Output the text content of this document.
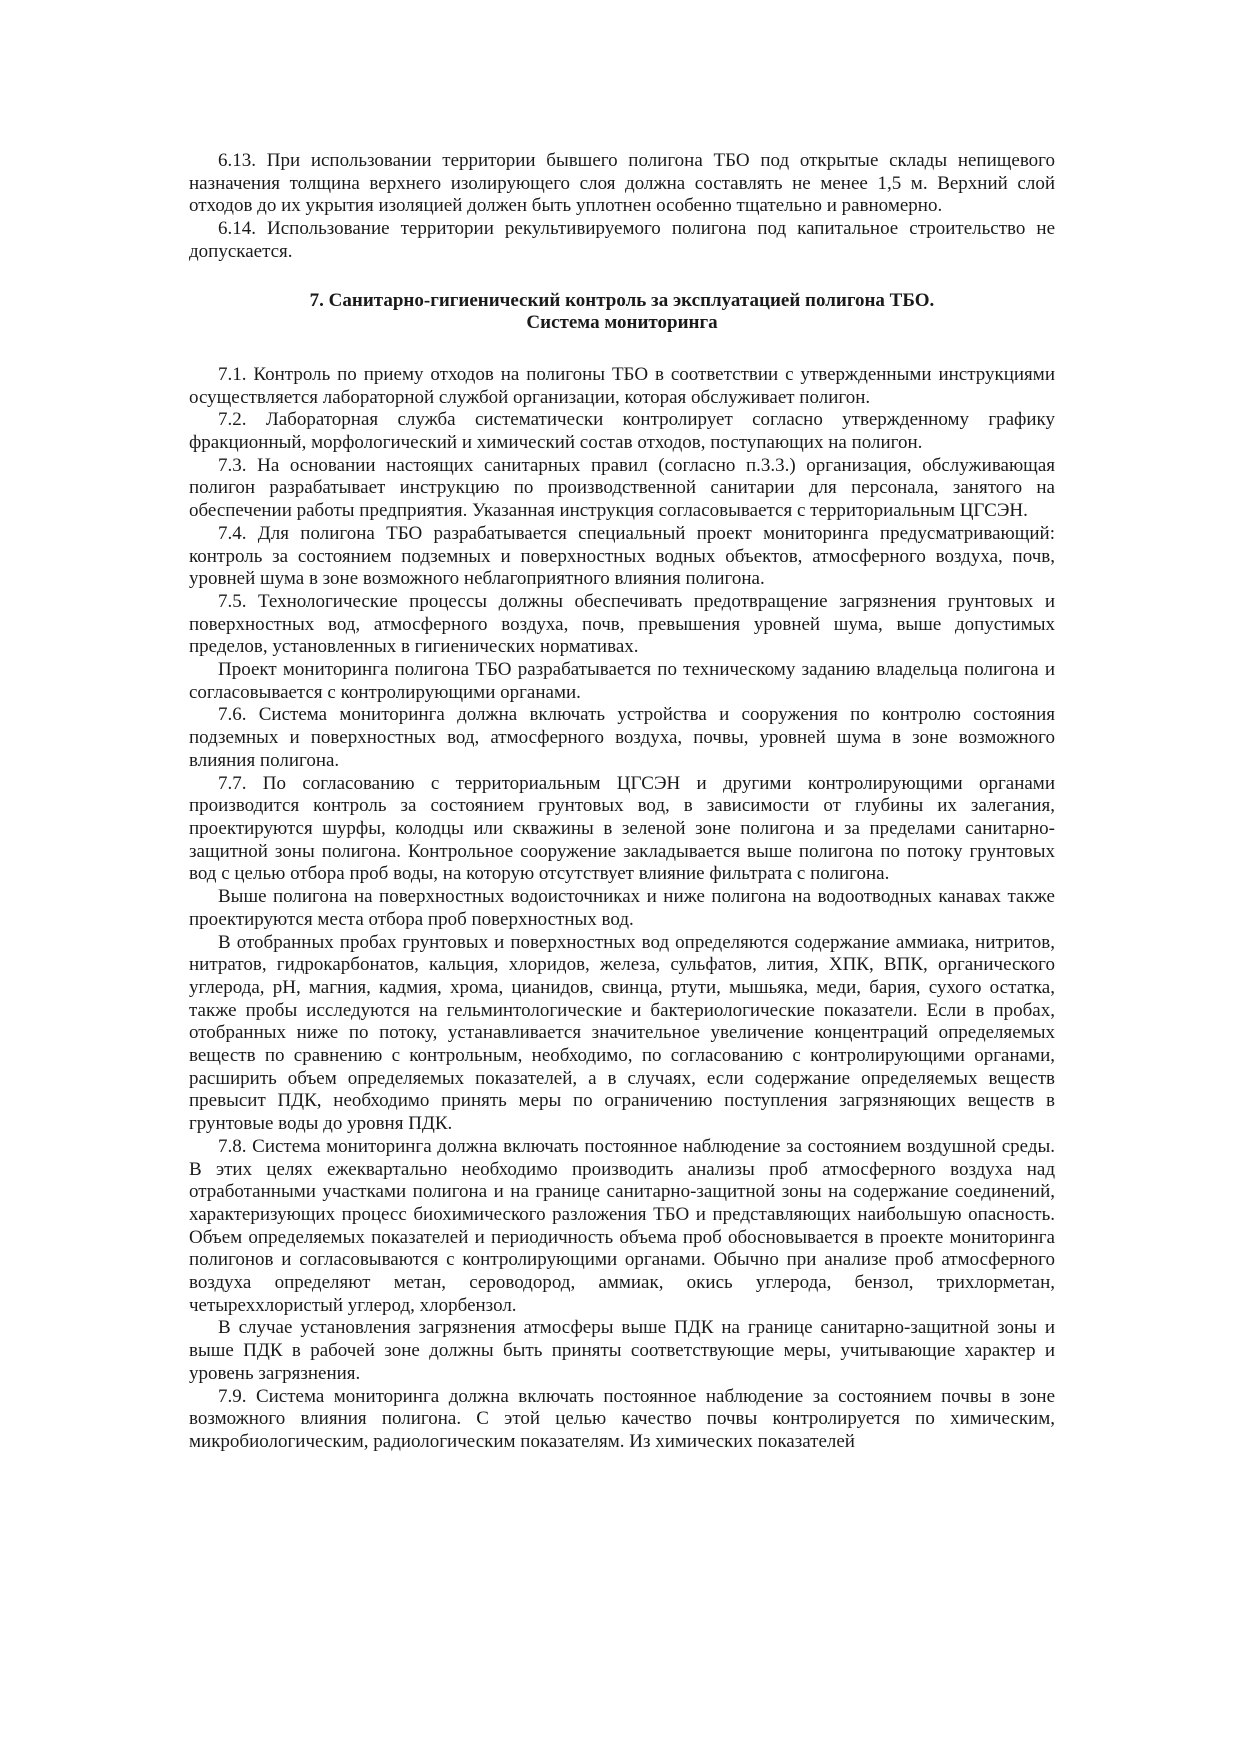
6.13. При использовании территории бывшего полигона ТБО под открытые склады непищевого назначения толщина верхнего изолирующего слоя должна составлять не менее 1,5 м. Верхний слой отходов до их укрытия изоляцией должен быть уплотнен особенно тщательно и равномерно.

6.14. Использование территории рекультивируемого полигона под капитальное строительство не допускается.

7. Санитарно-гигиенический контроль за эксплуатацией полигона ТБО.
Система мониторинга

7.1. Контроль по приему отходов на полигоны ТБО в соответствии с утвержденными инструкциями осуществляется лабораторной службой организации, которая обслуживает полигон.

7.2. Лабораторная служба систематически контролирует согласно утвержденному графику фракционный, морфологический и химический состав отходов, поступающих на полигон.

7.3. На основании настоящих санитарных правил (согласно п.3.3.) организация, обслуживающая полигон разрабатывает инструкцию по производственной санитарии для персонала, занятого на обеспечении работы предприятия. Указанная инструкция согласовывается с территориальным ЦГСЭН.

7.4. Для полигона ТБО разрабатывается специальный проект мониторинга предусматривающий: контроль за состоянием подземных и поверхностных водных объектов, атмосферного воздуха, почв, уровней шума в зоне возможного неблагоприятного влияния полигона.

7.5. Технологические процессы должны обеспечивать предотвращение загрязнения грунтовых и поверхностных вод, атмосферного воздуха, почв, превышения уровней шума, выше допустимых пределов, установленных в гигиенических нормативах.

Проект мониторинга полигона ТБО разрабатывается по техническому заданию владельца полигона и согласовывается с контролирующими органами.

7.6. Система мониторинга должна включать устройства и сооружения по контролю состояния подземных и поверхностных вод, атмосферного воздуха, почвы, уровней шума в зоне возможного влияния полигона.

7.7. По согласованию с территориальным ЦГСЭН и другими контролирующими органами производится контроль за состоянием грунтовых вод, в зависимости от глубины их залегания, проектируются шурфы, колодцы или скважины в зеленой зоне полигона и за пределами санитарно-защитной зоны полигона. Контрольное сооружение закладывается выше полигона по потоку грунтовых вод с целью отбора проб воды, на которую отсутствует влияние фильтрата с полигона.

Выше полигона на поверхностных водоисточниках и ниже полигона на водоотводных канавах также проектируются места отбора проб поверхностных вод.

В отобранных пробах грунтовых и поверхностных вод определяются содержание аммиака, нитритов, нитратов, гидрокарбонатов, кальция, хлоридов, железа, сульфатов, лития, ХПК, ВПК, органического углерода, pH, магния, кадмия, хрома, цианидов, свинца, ртути, мышьяка, меди, бария, сухого остатка, также пробы исследуются на гельминтологические и бактериологические показатели. Если в пробах, отобранных ниже по потоку, устанавливается значительное увеличение концентраций определяемых веществ по сравнению с контрольным, необходимо, по согласованию с контролирующими органами, расширить объем определяемых показателей, а в случаях, если содержание определяемых веществ превысит ПДК, необходимо принять меры по ограничению поступления загрязняющих веществ в грунтовые воды до уровня ПДК.

7.8. Система мониторинга должна включать постоянное наблюдение за состоянием воздушной среды. В этих целях ежеквартально необходимо производить анализы проб атмосферного воздуха над отработанными участками полигона и на границе санитарно-защитной зоны на содержание соединений, характеризующих процесс биохимического разложения ТБО и представляющих наибольшую опасность. Объем определяемых показателей и периодичность объема проб обосновывается в проекте мониторинга полигонов и согласовываются с контролирующими органами. Обычно при анализе проб атмосферного воздуха определяют метан, сероводород, аммиак, окись углерода, бензол, трихлорметан, четыреххлористый углерод, хлорбензол.

В случае установления загрязнения атмосферы выше ПДК на границе санитарно-защитной зоны и выше ПДК в рабочей зоне должны быть приняты соответствующие меры, учитывающие характер и уровень загрязнения.

7.9. Система мониторинга должна включать постоянное наблюдение за состоянием почвы в зоне возможного влияния полигона. С этой целью качество почвы контролируется по химическим, микробиологическим, радиологическим показателям. Из химических показателей
